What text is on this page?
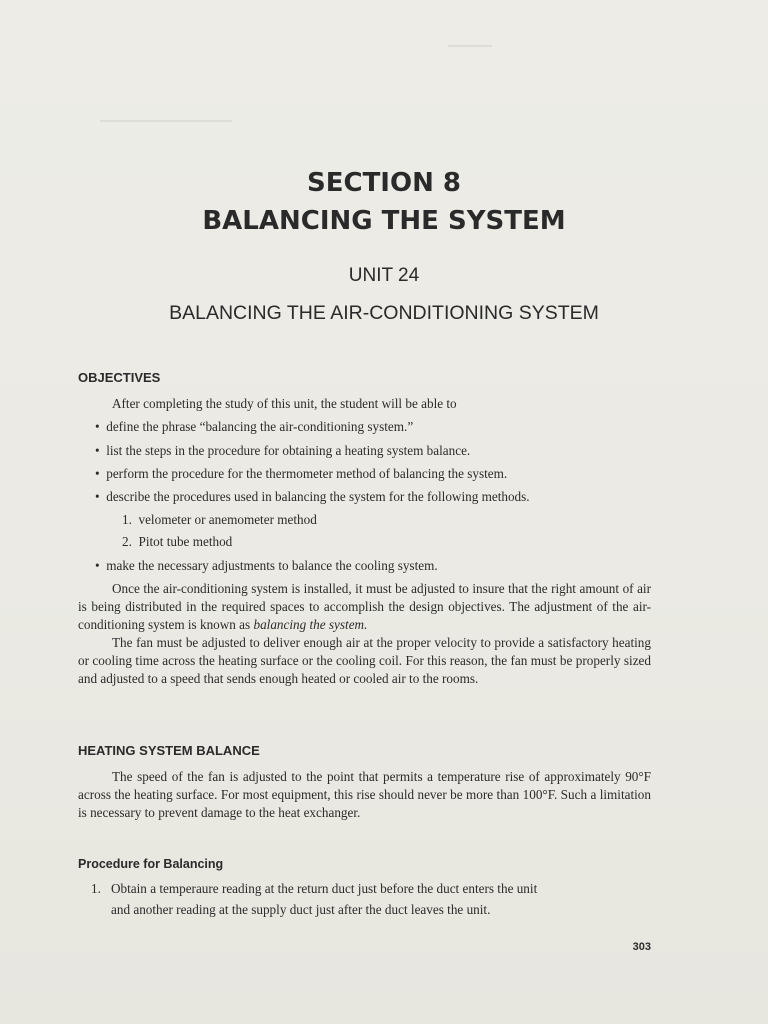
⎯⎯⎯⎯⎯⎯⎯⎯
⎯⎯⎯⎯⎯⎯⎯⎯⎯⎯⎯⎯⎯⎯⎯⎯⎯⎯⎯⎯⎯⎯⎯⎯
SECTION 8
BALANCING THE SYSTEM
UNIT 24
BALANCING THE AIR-CONDITIONING SYSTEM
OBJECTIVES
After completing the study of this unit, the student will be able to
• define the phrase “balancing the air-conditioning system.”
• list the steps in the procedure for obtaining a heating system balance.
• perform the procedure for the thermometer method of balancing the system.
• describe the procedures used in balancing the system for the following methods.
1. velometer or anemometer method
2. Pitot tube method
• make the necessary adjustments to balance the cooling system.

Once the air-conditioning system is installed, it must be adjusted to insure that the right amount of air is being distributed in the required spaces to accomplish the design objectives. The adjustment of the air-conditioning system is known as balancing the system.

The fan must be adjusted to deliver enough air at the proper velocity to provide a satisfactory heating or cooling time across the heating surface or the cooling coil. For this reason, the fan must be properly sized and adjusted to a speed that sends enough heated or cooled air to the rooms.

HEATING SYSTEM BALANCE

The speed of the fan is adjusted to the point that permits a temperature rise of approximately 90°F across the heating surface. For most equipment, this rise should never be more than 100°F. Such a limitation is necessary to prevent damage to the heat exchanger.

Procedure for Balancing
1. Obtain a temperaure reading at the return duct just before the duct enters the unit
and another reading at the supply duct just after the duct leaves the unit.
303
